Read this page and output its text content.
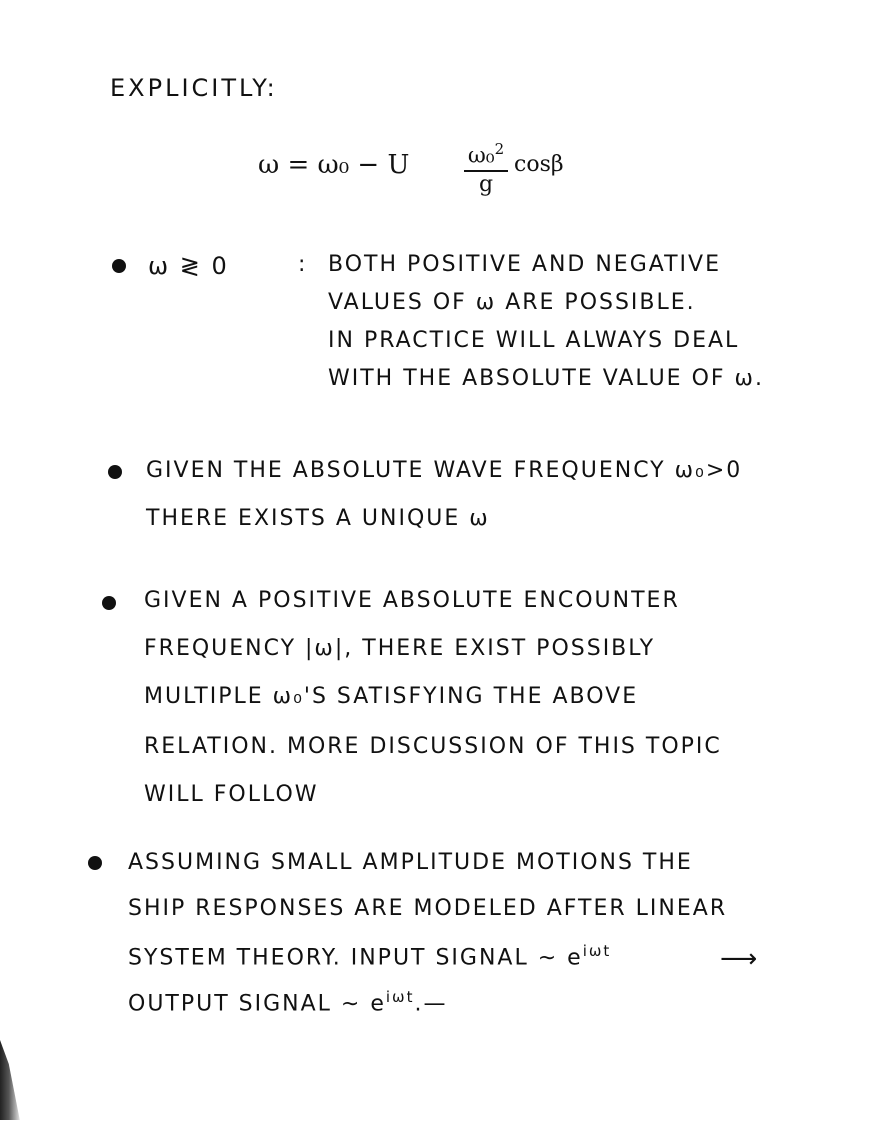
EXPLICITLY:
ω = ω₀ − U $\frac{\omega_0^2}{g}$ cosβ
ω ≷ 0	: BOTH POSITIVE AND NEGATIVE
VALUES OF ω ARE POSSIBLE.
IN PRACTICE WILL ALWAYS DEAL
WITH THE ABSOLUTE VALUE OF ω.
GIVEN THE ABSOLUTE WAVE FREQUENCY ω₀>0
THERE EXISTS A UNIQUE ω
GIVEN A POSITIVE ABSOLUTE ENCOUNTER
FREQUENCY |ω|, THERE EXIST POSSIBLY
MULTIPLE ω₀'S SATISFYING THE ABOVE
RELATION. MORE DISCUSSION OF THIS TOPIC
WILL FOLLOW
ASSUMING SMALL AMPLITUDE MOTIONS THE
SHIP RESPONSES ARE MODELED AFTER LINEAR
SYSTEM THEORY. INPUT SIGNAL ∼ $e^{i\omega t}$	⟶
OUTPUT SIGNAL ∼ $e^{i\omega t}.—$
